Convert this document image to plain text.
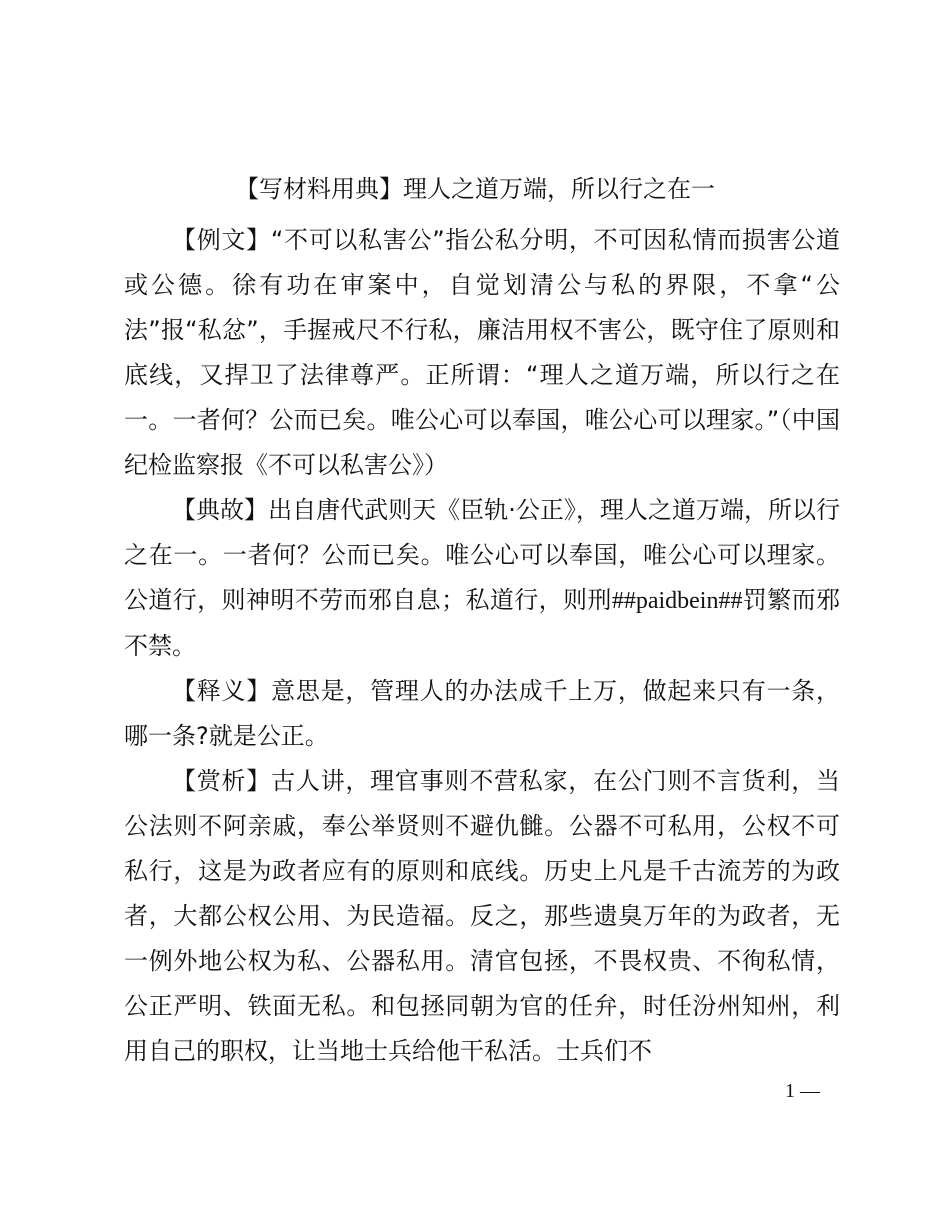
【写材料用典】理人之道万端，所以行之在一

【例文】“不可以私害公”指公私分明，不可因私情而损害公道或公德。徐有功在审案中，自觉划清公与私的界限，不拿“公法”报“私忿”，手握戒尺不行私，廉洁用权不害公，既守住了原则和底线，又捍卫了法律尊严。正所谓：“理人之道万端，所以行之在一。一者何？公而已矣。唯公心可以奉国，唯公心可以理家。”（中国纪检监察报《不可以私害公》）

【典故】出自唐代武则天《臣轨·公正》，理人之道万端，所以行之在一。一者何？公而已矣。唯公心可以奉国，唯公心可以理家。公道行，则神明不劳而邪自息；私道行，则刑##paidbein##罚繁而邪不禁。

【释义】意思是，管理人的办法成千上万，做起来只有一条，哪一条?就是公正。

【赏析】古人讲，理官事则不营私家，在公门则不言货利，当公法则不阿亲戚，奉公举贤则不避仇雠。公器不可私用，公权不可私行，这是为政者应有的原则和底线。历史上凡是千古流芳的为政者，大都公权公用、为民造福。反之，那些遗臭万年的为政者，无一例外地公权为私、公器私用。清官包拯，不畏权贵、不徇私情，公正严明、铁面无私。和包拯同朝为官的任弁，时任汾州知州，利用自己的职权，让当地士兵给他干私活。士兵们不

1 —
